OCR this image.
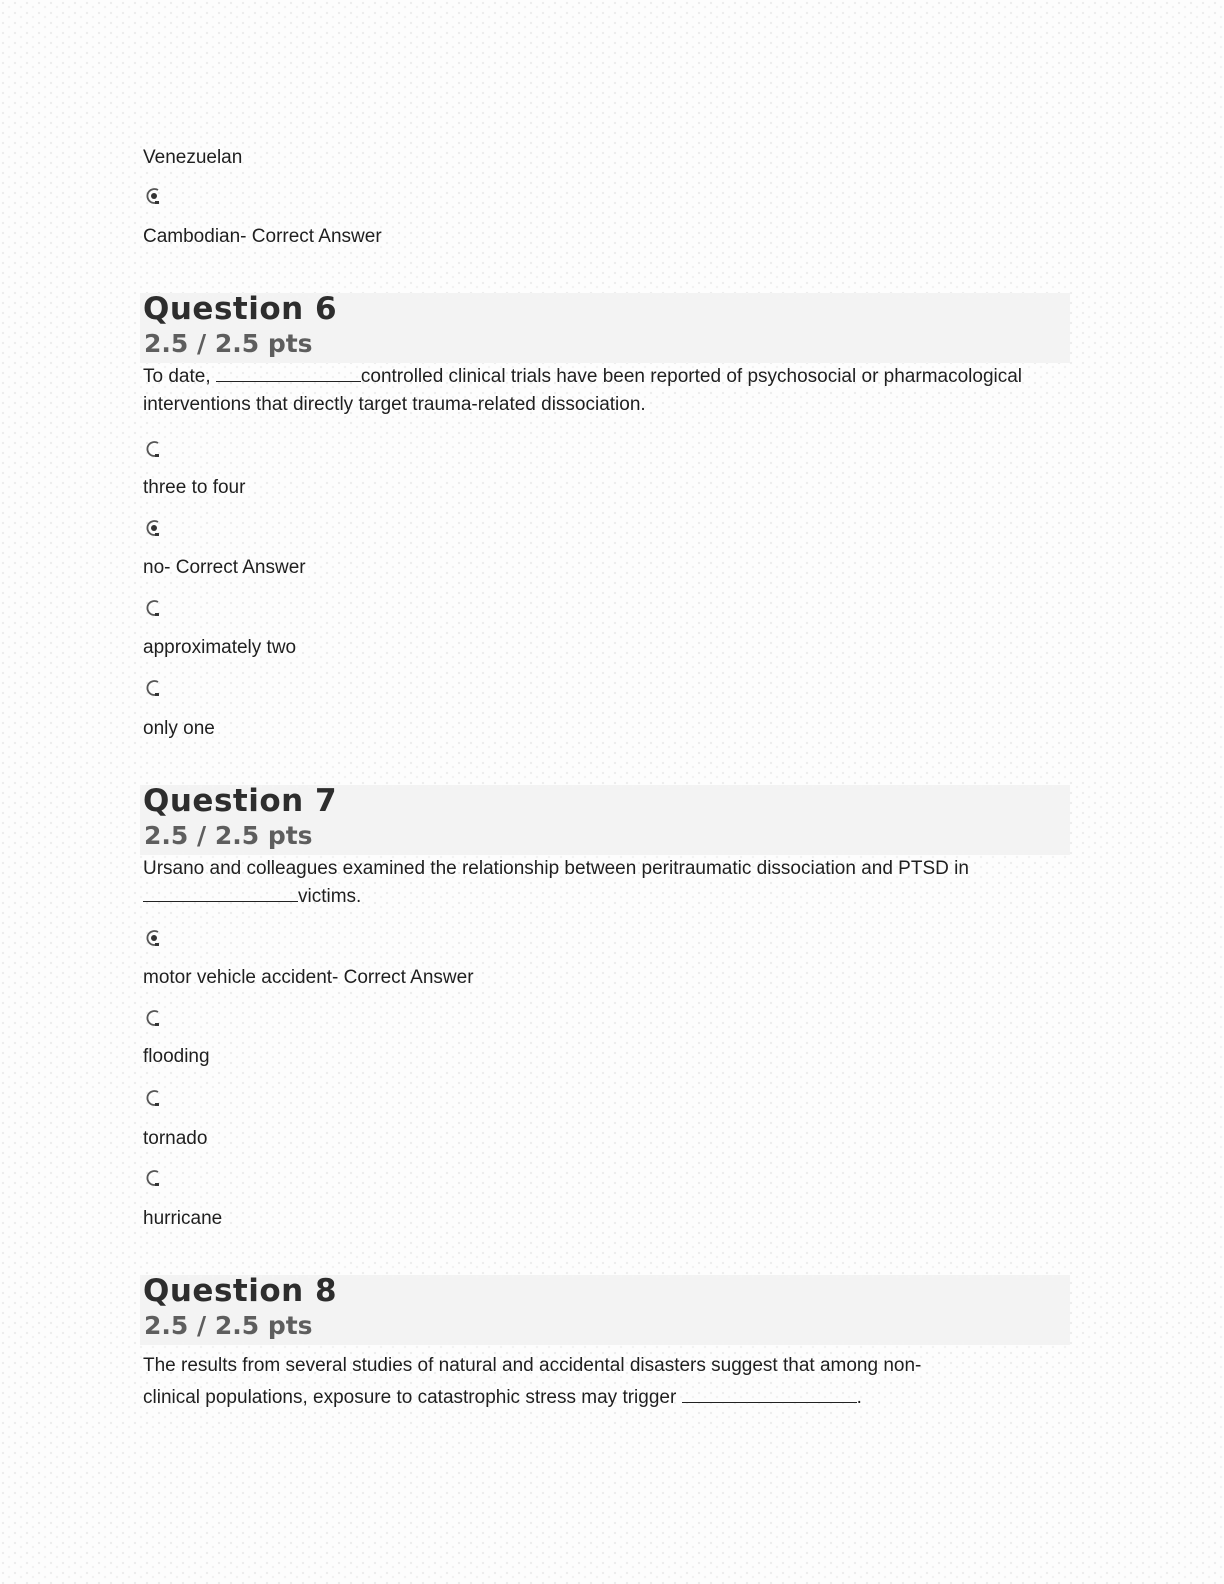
Venezuelan

Cambodian- Correct Answer

Question 6
2.5 / 2.5 pts

To date,	controlled clinical trials have been reported of psychosocial or pharmacological interventions that directly target trauma-related dissociation.

three to four

no- Correct Answer

approximately two

only one

Question 7
2.5 / 2.5 pts

Ursano and colleagues examined the relationship between peritraumatic dissociation and PTSD in victims.

motor vehicle accident- Correct Answer

flooding

tornado

hurricane

Question 8
2.5 / 2.5 pts

The results from several studies of natural and accidental disasters suggest that among non-clinical populations, exposure to catastrophic stress may trigger	.
